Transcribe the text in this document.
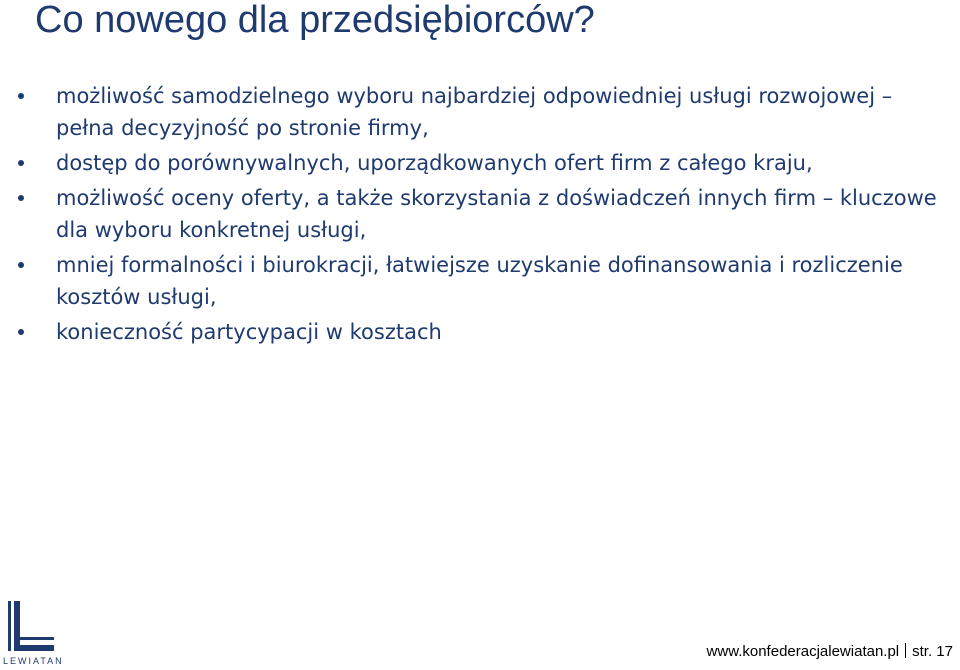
Co nowego dla przedsiębiorców?
możliwość samodzielnego wyboru najbardziej odpowiedniej usługi rozwojowej – pełna decyzyjność po stronie firmy,
dostęp do porównywalnych, uporządkowanych ofert firm z całego kraju,
możliwość oceny oferty, a także skorzystania z doświadczeń innych firm – kluczowe dla wyboru konkretnej usługi,
mniej formalności i biurokracji, łatwiejsze uzyskanie dofinansowania i rozliczenie kosztów usługi,
konieczność partycypacji w kosztach
LEWIATAN
www.konfederacjalewiatan.pl str. 17
